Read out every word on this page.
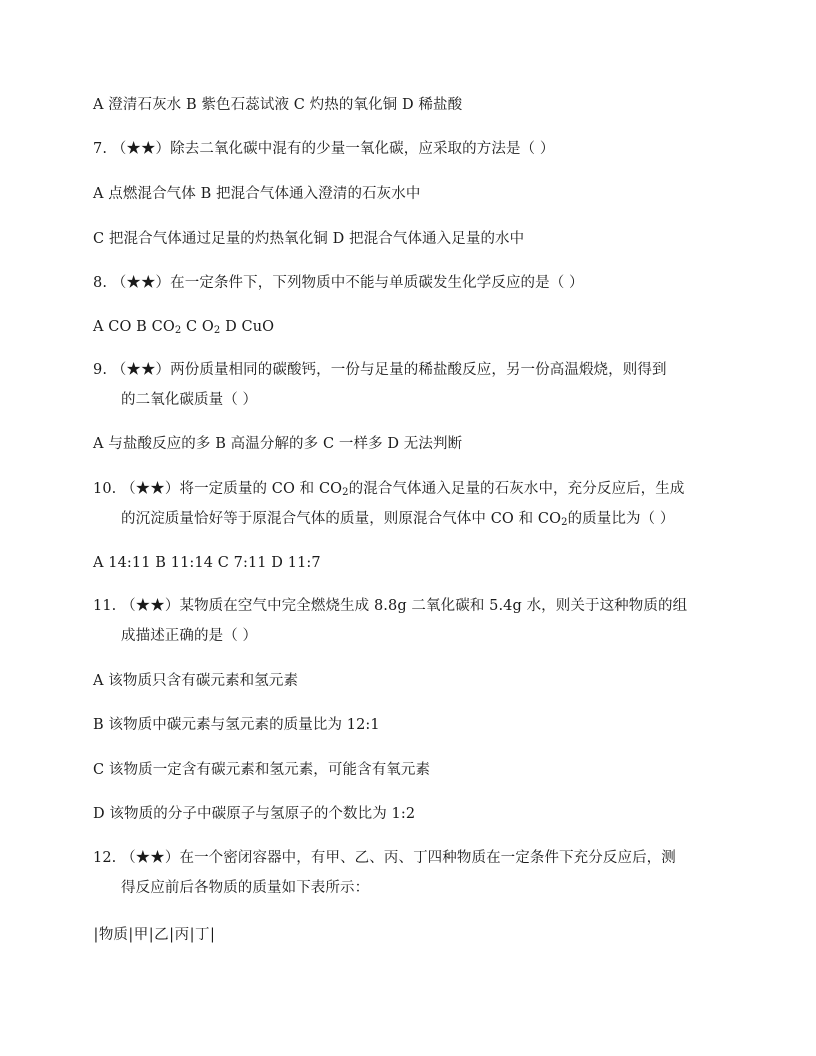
A 澄清石灰水 B 紫色石蕊试液 C 灼热的氧化铜 D 稀盐酸
7. （★★）除去二氧化碳中混有的少量一氧化碳，应采取的方法是（ ）
A 点燃混合气体 B 把混合气体通入澄清的石灰水中
C 把混合气体通过足量的灼热氧化铜 D 把混合气体通入足量的水中
8. （★★）在一定条件下，下列物质中不能与单质碳发生化学反应的是（ ）
A CO B $CO_2$ C $O_2$ D CuO
9. （★★）两份质量相同的碳酸钙，一份与足量的稀盐酸反应，另一份高温煅烧，则得到
的二氧化碳质量（ ）
A 与盐酸反应的多 B 高温分解的多 C 一样多 D 无法判断
10. （★★）将一定质量的 CO 和 $CO_2$的混合气体通入足量的石灰水中，充分反应后，生成
的沉淀质量恰好等于原混合气体的质量，则原混合气体中 CO 和 $CO_2$的质量比为（ ）
A 14:11 B 11:14 C 7:11 D 11:7
11. （★★）某物质在空气中完全燃烧生成 8.8g 二氧化碳和 5.4g 水，则关于这种物质的组
成描述正确的是（ ）
A 该物质只含有碳元素和氢元素
B 该物质中碳元素与氢元素的质量比为 12:1
C 该物质一定含有碳元素和氢元素，可能含有氧元素
D 该物质的分子中碳原子与氢原子的个数比为 1:2
12. （★★）在一个密闭容器中，有甲、乙、丙、丁四种物质在一定条件下充分反应后，测
得反应前后各物质的质量如下表所示：
|物质|甲|乙|丙|丁|
